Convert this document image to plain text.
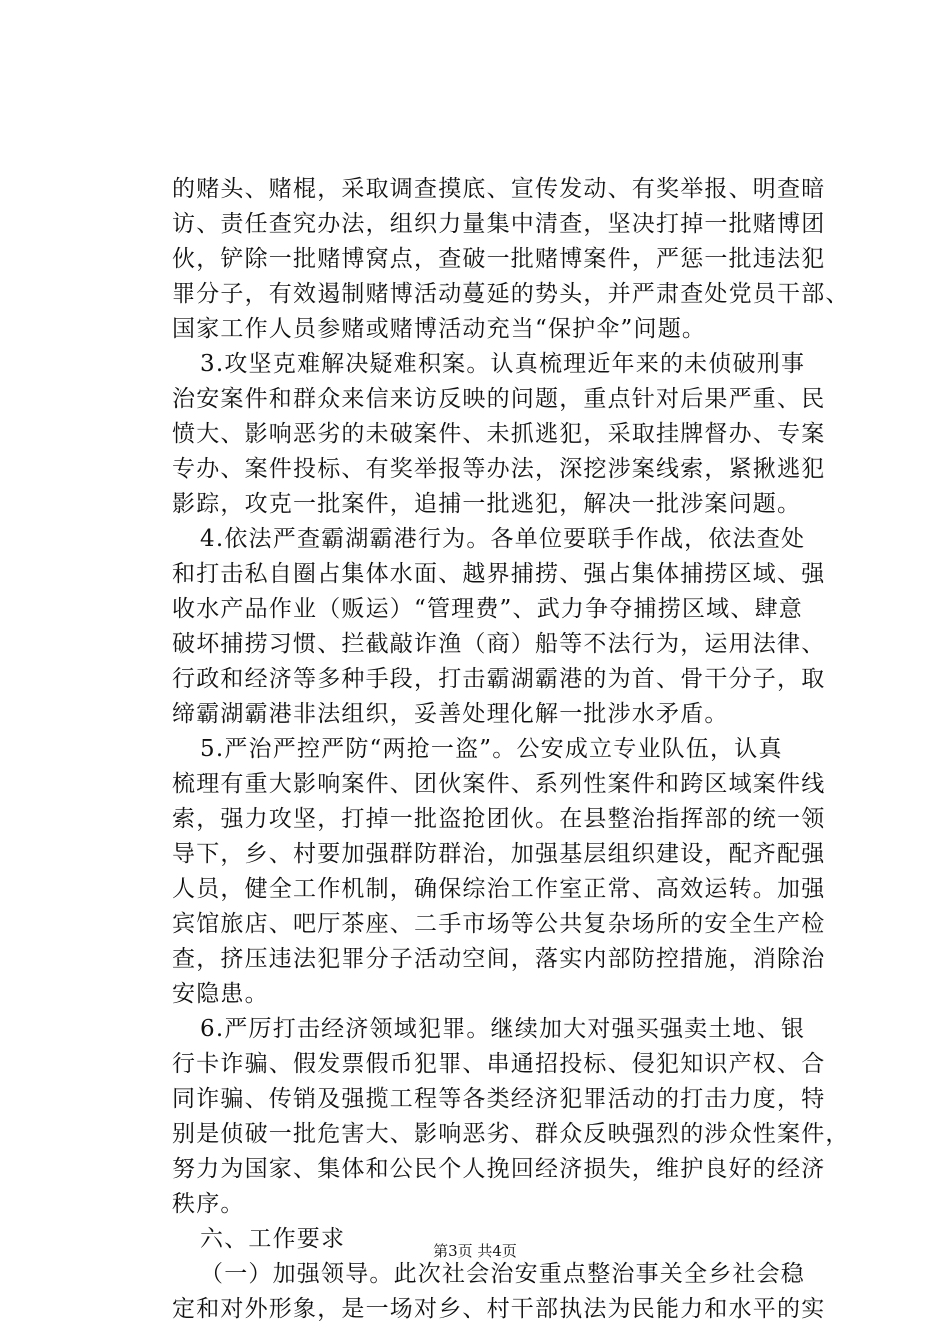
的赌头、赌棍，采取调查摸底、宣传发动、有奖举报、明查暗
访、责任查究办法，组织力量集中清查，坚决打掉一批赌博团
伙，铲除一批赌博窝点，查破一批赌博案件，严惩一批违法犯
罪分子，有效遏制赌博活动蔓延的势头，并严肃查处党员干部、
国家工作人员参赌或赌博活动充当“保护伞”问题。
3.攻坚克难解决疑难积案。认真梳理近年来的未侦破刑事
治安案件和群众来信来访反映的问题，重点针对后果严重、民
愤大、影响恶劣的未破案件、未抓逃犯，采取挂牌督办、专案
专办、案件投标、有奖举报等办法，深挖涉案线索，紧揪逃犯
影踪，攻克一批案件，追捕一批逃犯，解决一批涉案问题。
4.依法严查霸湖霸港行为。各单位要联手作战，依法查处
和打击私自圈占集体水面、越界捕捞、强占集体捕捞区域、强
收水产品作业（贩运）“管理费”、武力争夺捕捞区域、肆意
破坏捕捞习惯、拦截敲诈渔（商）船等不法行为，运用法律、
行政和经济等多种手段，打击霸湖霸港的为首、骨干分子，取
缔霸湖霸港非法组织，妥善处理化解一批涉水矛盾。
5.严治严控严防“两抢一盗”。公安成立专业队伍，认真
梳理有重大影响案件、团伙案件、系列性案件和跨区域案件线
索，强力攻坚，打掉一批盗抢团伙。在县整治指挥部的统一领
导下，乡、村要加强群防群治，加强基层组织建设，配齐配强
人员，健全工作机制，确保综治工作室正常、高效运转。加强
宾馆旅店、吧厅茶座、二手市场等公共复杂场所的安全生产检
查，挤压违法犯罪分子活动空间，落实内部防控措施，消除治
安隐患。
6.严厉打击经济领域犯罪。继续加大对强买强卖土地、银
行卡诈骗、假发票假币犯罪、串通招投标、侵犯知识产权、合
同诈骗、传销及强揽工程等各类经济犯罪活动的打击力度，特
别是侦破一批危害大、影响恶劣、群众反映强烈的涉众性案件，
努力为国家、集体和公民个人挽回经济损失，维护良好的经济
秩序。
六、工作要求
（一）加强领导。此次社会治安重点整治事关全乡社会稳
定和对外形象，是一场对乡、村干部执法为民能力和水平的实
第3页 共4页
